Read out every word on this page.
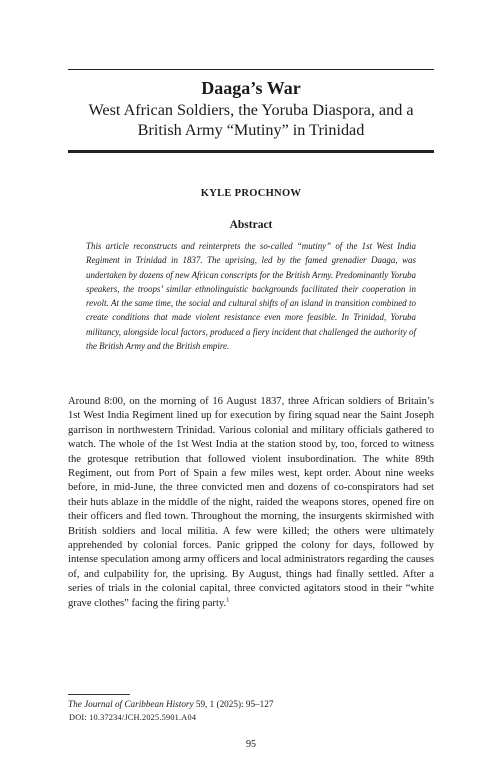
Daaga’s War
West African Soldiers, the Yoruba Diaspora, and a British Army “Mutiny” in Trinidad
KYLE PROCHNOW
Abstract

This article reconstructs and reinterprets the so-called “mutiny” of the 1st West India Regiment in Trinidad in 1837. The uprising, led by the famed grenadier Daaga, was undertaken by dozens of new African conscripts for the British Army. Predominantly Yoruba speakers, the troops’ similar ethnolinguistic backgrounds facilitated their cooperation in revolt. At the same time, the social and cultural shifts of an island in transition combined to create conditions that made violent resistance even more feasible. In Trinidad, Yoruba militancy, alongside local factors, produced a fiery incident that challenged the authority of the British Army and the British empire.

Around 8:00, on the morning of 16 August 1837, three African soldiers of Britain’s 1st West India Regiment lined up for execution by firing squad near the Saint Joseph garrison in northwestern Trinidad. Various colonial and military officials gathered to watch. The whole of the 1st West India at the station stood by, too, forced to witness the grotesque retribution that followed violent insubordination. The white 89th Regiment, out from Port of Spain a few miles west, kept order. About nine weeks before, in mid-June, the three convicted men and dozens of co-conspirators had set their huts ablaze in the middle of the night, raided the weapons stores, opened fire on their officers and fled town. Throughout the morning, the insurgents skirmished with British soldiers and local militia. A few were killed; the others were ultimately apprehended by colonial forces. Panic gripped the colony for days, followed by intense speculation among army officers and local administrators regarding the causes of, and culpability for, the uprising. By August, things had finally settled. After a series of trials in the colonial capital, three convicted agitators stood in their “white grave clothes” facing the firing party.$^1$

The Journal of Caribbean History 59, 1 (2025): 95–127
DOI: 10.37234/JCH.2025.5901.A04
95
